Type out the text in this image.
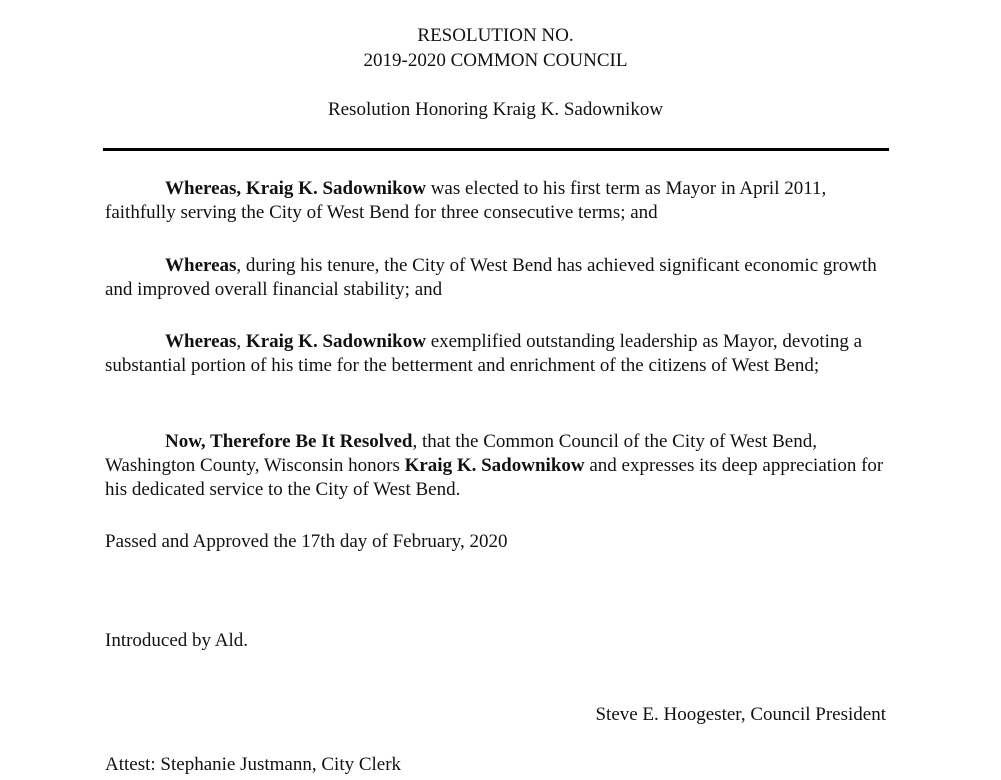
RESOLUTION NO.
2019-2020 COMMON COUNCIL
Resolution Honoring Kraig K. Sadownikow

Whereas, Kraig K. Sadownikow was elected to his first term as Mayor in April 2011, faithfully serving the City of West Bend for three consecutive terms; and

Whereas, during his tenure, the City of West Bend has achieved significant economic growth and improved overall financial stability; and

Whereas, Kraig K. Sadownikow exemplified outstanding leadership as Mayor, devoting a substantial portion of his time for the betterment and enrichment of the citizens of West Bend;

Now, Therefore Be It Resolved, that the Common Council of the City of West Bend, Washington County, Wisconsin honors Kraig K. Sadownikow and expresses its deep appreciation for his dedicated service to the City of West Bend.

Passed and Approved the 17th day of February, 2020

Introduced by Ald.

Steve E. Hoogester, Council President

Attest: Stephanie Justmann, City Clerk
